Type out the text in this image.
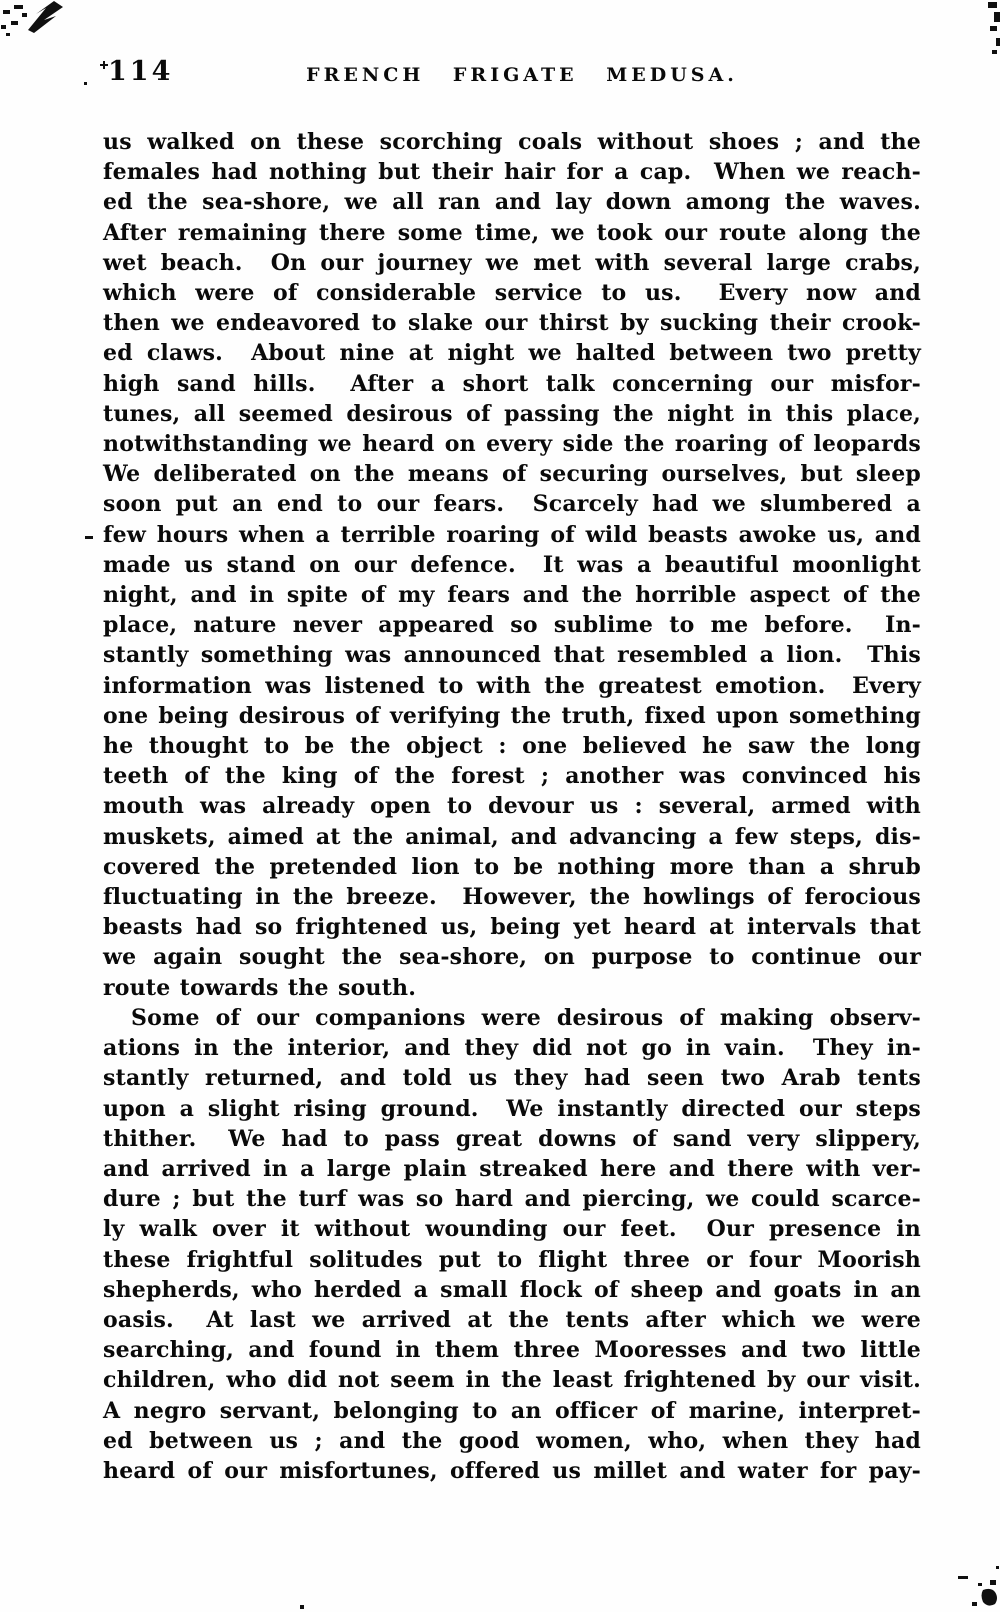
114	FRENCH FRIGATE MEDUSA.
us walked on these scorching coals without shoes ; and the
females had nothing but their hair for a cap.  When we reach-
ed the sea-shore, we all ran and lay down among the waves.
After remaining there some time, we took our route along the
wet beach.  On our journey we met with several large crabs,
which were of considerable service to us.  Every now and
then we endeavored to slake our thirst by sucking their crook-
ed claws.  About nine at night we halted between two pretty
high sand hills.  After a short talk concerning our misfor-
tunes, all seemed desirous of passing the night in this place,
notwithstanding we heard on every side the roaring of leopards
We deliberated on the means of securing ourselves, but sleep
soon put an end to our fears.  Scarcely had we slumbered a
few hours when a terrible roaring of wild beasts awoke us, and
made us stand on our defence.  It was a beautiful moonlight
night, and in spite of my fears and the horrible aspect of the
place, nature never appeared so sublime to me before.  In-
stantly something was announced that resembled a lion.  This
information was listened to with the greatest emotion.  Every
one being desirous of verifying the truth, fixed upon something
he thought to be the object : one believed he saw the long
teeth of the king of the forest ; another was convinced his
mouth was already open to devour us : several, armed with
muskets, aimed at the animal, and advancing a few steps, dis-
covered the pretended lion to be nothing more than a shrub
fluctuating in the breeze.  However, the howlings of ferocious
beasts had so frightened us, being yet heard at intervals that
we again sought the sea-shore, on purpose to continue our
route towards the south.
Some of our companions were desirous of making observ-
ations in the interior, and they did not go in vain.  They in-
stantly returned, and told us they had seen two Arab tents
upon a slight rising ground.  We instantly directed our steps
thither.  We had to pass great downs of sand very slippery,
and arrived in a large plain streaked here and there with ver-
dure ; but the turf was so hard and piercing, we could scarce-
ly walk over it without wounding our feet.  Our presence in
these frightful solitudes put to flight three or four Moorish
shepherds, who herded a small flock of sheep and goats in an
oasis.  At last we arrived at the tents after which we were
searching, and found in them three Mooresses and two little
children, who did not seem in the least frightened by our visit.
A negro servant, belonging to an officer of marine, interpret-
ed between us ; and the good women, who, when they had
heard of our misfortunes, offered us millet and water for pay-
